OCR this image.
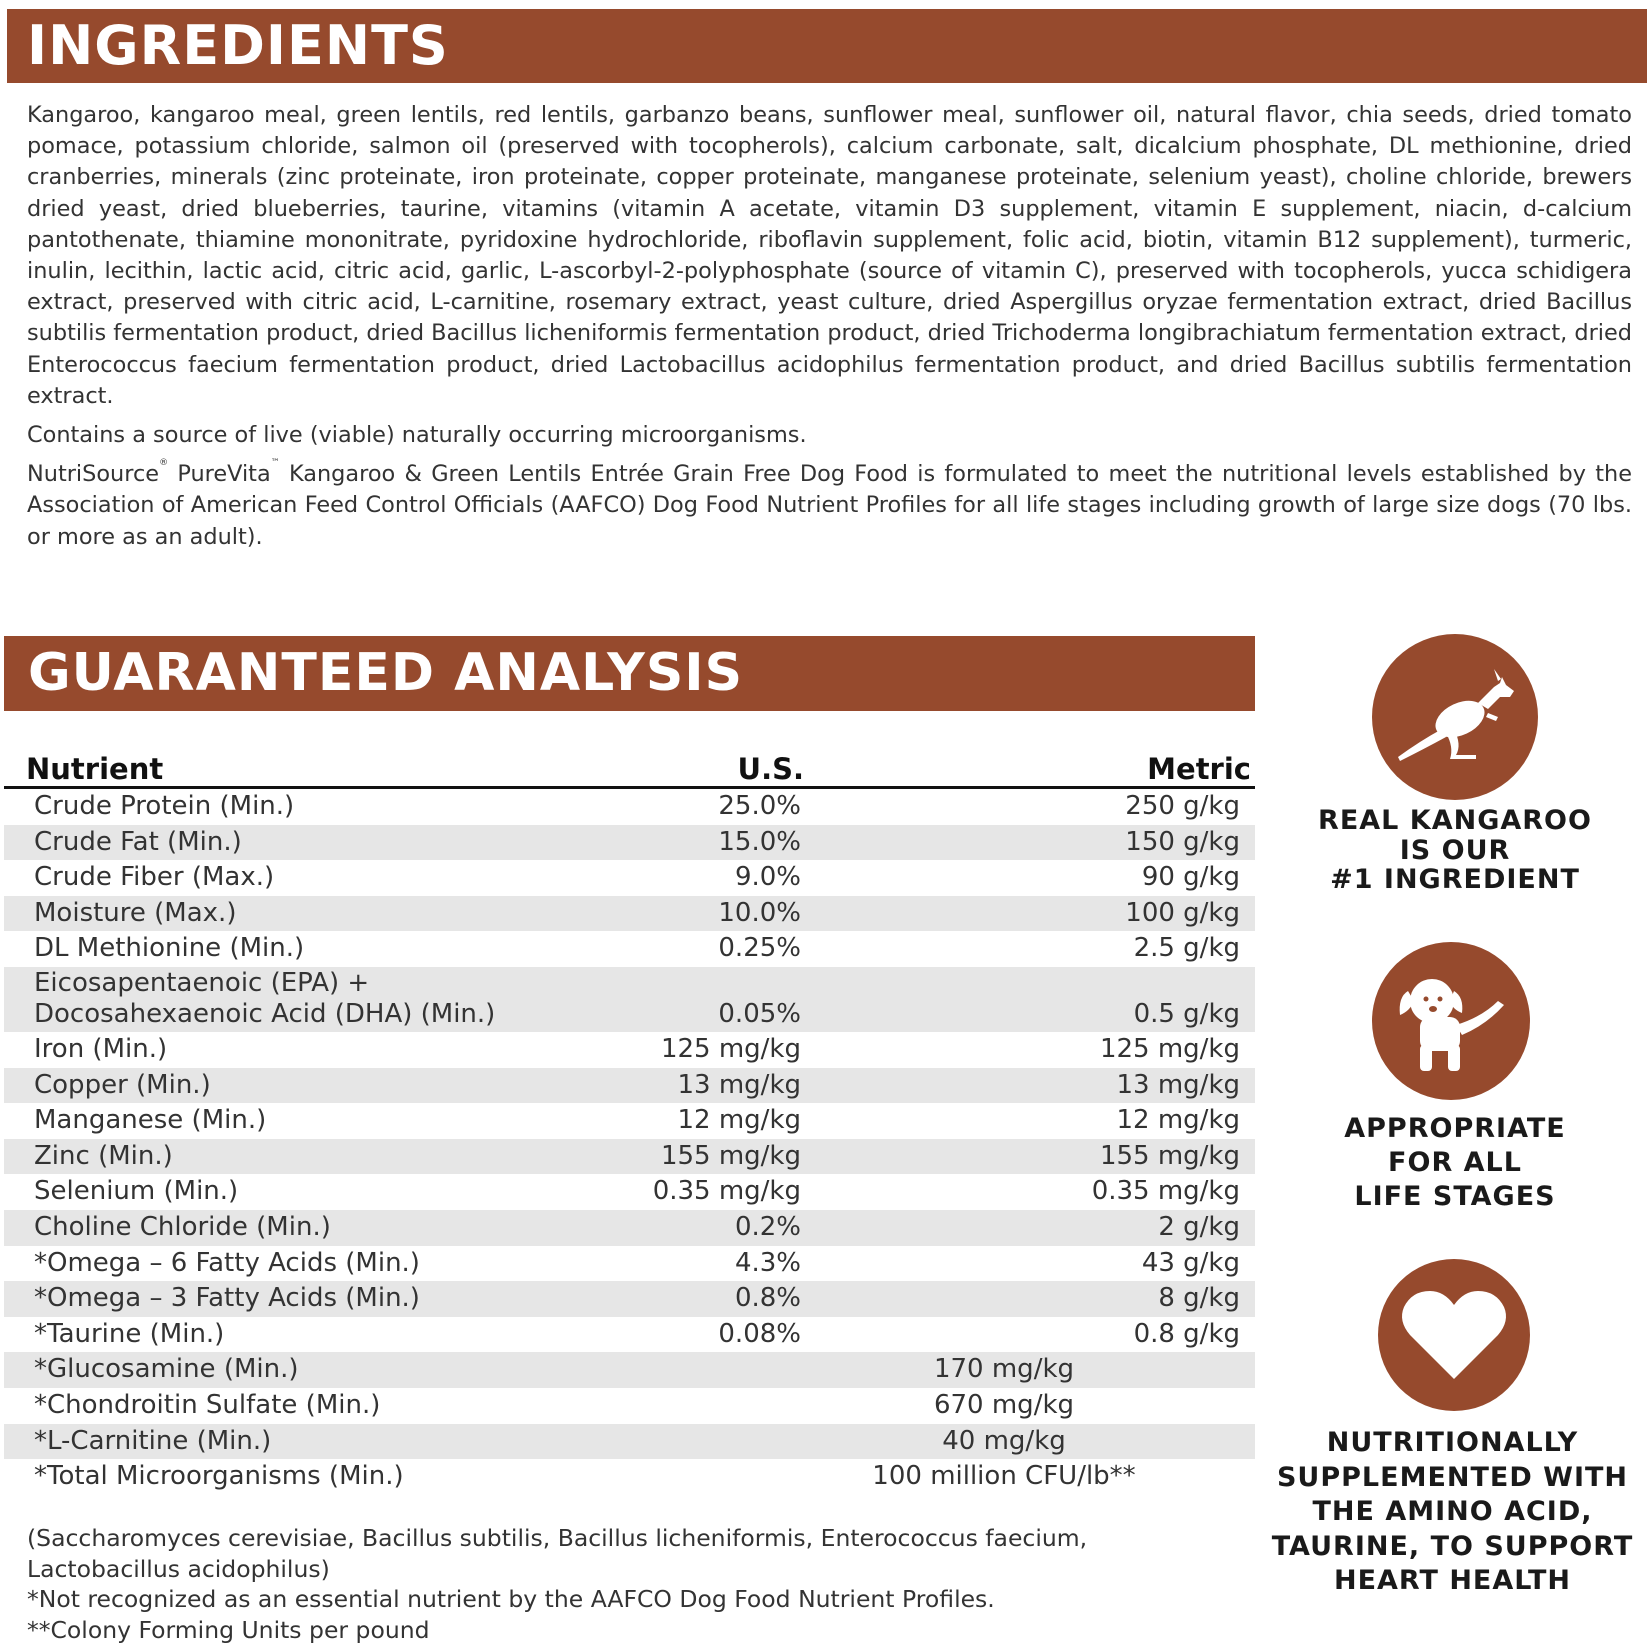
INGREDIENTS

Kangaroo, kangaroo meal, green lentils, red lentils, garbanzo beans, sunflower meal, sunflower oil, natural flavor, chia seeds, dried tomato pomace, potassium chloride, salmon oil (preserved with tocopherols), calcium carbonate, salt, dicalcium phosphate, DL methionine, dried cranberries, minerals (zinc proteinate, iron proteinate, copper proteinate, manganese proteinate, selenium yeast), choline chloride, brewers dried yeast, dried blueberries, taurine, vitamins (vitamin A acetate, vitamin D3 supplement, vitamin E supplement, niacin, d-calcium pantothenate, thiamine mononitrate, pyridoxine hydrochloride, riboflavin supplement, folic acid, biotin, vitamin B12 supplement), turmeric, inulin, lecithin, lactic acid, citric acid, garlic, L-ascorbyl-2-polyphosphate (source of vitamin C), preserved with tocopherols, yucca schidigera extract, preserved with citric acid, L-carnitine, rosemary extract, yeast culture, dried Aspergillus oryzae fermentation extract, dried Bacillus subtilis fermentation product, dried Bacillus licheniformis fermentation product, dried Trichoderma longibrachiatum fermentation extract, dried Enterococcus faecium fermentation product, dried Lactobacillus acidophilus fermentation product, and dried Bacillus subtilis fermentation extract.

Contains a source of live (viable) naturally occurring microorganisms.

NutriSource® PureVita™ Kangaroo & Green Lentils Entrée Grain Free Dog Food is formulated to meet the nutritional levels established by the Association of American Feed Control Officials (AAFCO) Dog Food Nutrient Profiles for all life stages including growth of large size dogs (70 lbs. or more as an adult).

GUARANTEED ANALYSIS
Nutrient	U.S.	Metric
Crude Protein (Min.)	25.0%	250 g/kg
Crude Fat (Min.)	15.0%	150 g/kg
Crude Fiber (Max.)	9.0%	90 g/kg
Moisture (Max.)	10.0%	100 g/kg
DL Methionine (Min.)	0.25%	2.5 g/kg
Eicosapentaenoic (EPA) +
Docosahexaenoic Acid (DHA) (Min.)	0.05%	0.5 g/kg
Iron (Min.)	125 mg/kg	125 mg/kg
Copper (Min.)	13 mg/kg	13 mg/kg
Manganese (Min.)	12 mg/kg	12 mg/kg
Zinc (Min.)	155 mg/kg	155 mg/kg
Selenium (Min.)	0.35 mg/kg	0.35 mg/kg
Choline Chloride (Min.)	0.2%	2 g/kg
*Omega – 6 Fatty Acids (Min.)	4.3%	43 g/kg
*Omega – 3 Fatty Acids (Min.)	0.8%	8 g/kg
*Taurine (Min.)	0.08%	0.8 g/kg
*Glucosamine (Min.)	170 mg/kg
*Chondroitin Sulfate (Min.)	670 mg/kg
*L-Carnitine (Min.)	40 mg/kg
*Total Microorganisms (Min.)	100 million CFU/lb**
(Saccharomyces cerevisiae, Bacillus subtilis, Bacillus licheniformis, Enterococcus faecium,
Lactobacillus acidophilus)
*Not recognized as an essential nutrient by the AAFCO Dog Food Nutrient Profiles.
**Colony Forming Units per pound
REAL KANGAROO
IS OUR
#1 INGREDIENT
APPROPRIATE
FOR ALL
LIFE STAGES
NUTRITIONALLY
SUPPLEMENTED WITH
THE AMINO ACID,
TAURINE, TO SUPPORT
HEART HEALTH
